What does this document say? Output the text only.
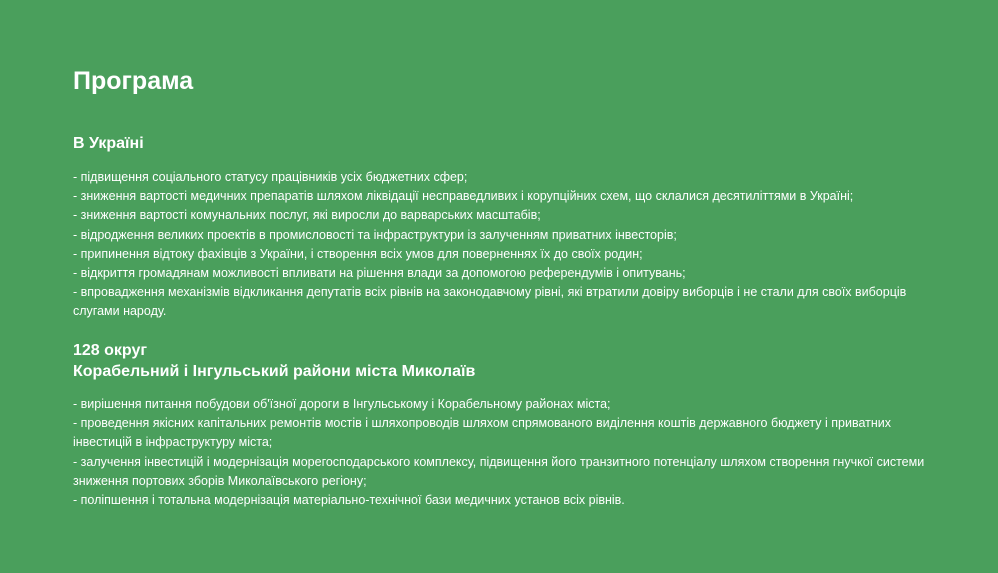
Програма
В Україні
- підвищення соціального статусу працівників усіх бюджетних сфер;
- зниження вартості медичних препаратів шляхом ліквідації несправедливих і корупційних схем, що склалися десятиліттями в Україні;
- зниження вартості комунальних послуг, які виросли до варварських масштабів;
- відродження великих проектів в промисловості та інфраструктури із залученням приватних інвесторів;
- припинення відтоку фахівців з України, і створення всіх умов для поверненнях їх до своїх родин;
- відкриття громадянам можливості впливати на рішення влади за допомогою референдумів і опитувань;
- впровадження механізмів відкликання депутатів всіх рівнів на законодавчому рівні, які втратили довіру виборців і не стали для своїх виборців слугами народу.
128 округ
Корабельний і Інгульський райони міста Миколаїв
- вирішення питання побудови об'їзної дороги в Інгульському і Корабельному районах міста;
- проведення якісних капітальних ремонтів мостів і шляхопроводів шляхом спрямованого виділення коштів державного бюджету і приватних інвестицій в інфраструктуру міста;
- залучення інвестицій і модернізація морегосподарського комплексу, підвищення його транзитного потенціалу шляхом створення гнучкої системи зниження портових зборів Миколаївського регіону;
- поліпшення і тотальна модернізація матеріально-технічної бази медичних установ всіх рівнів.
